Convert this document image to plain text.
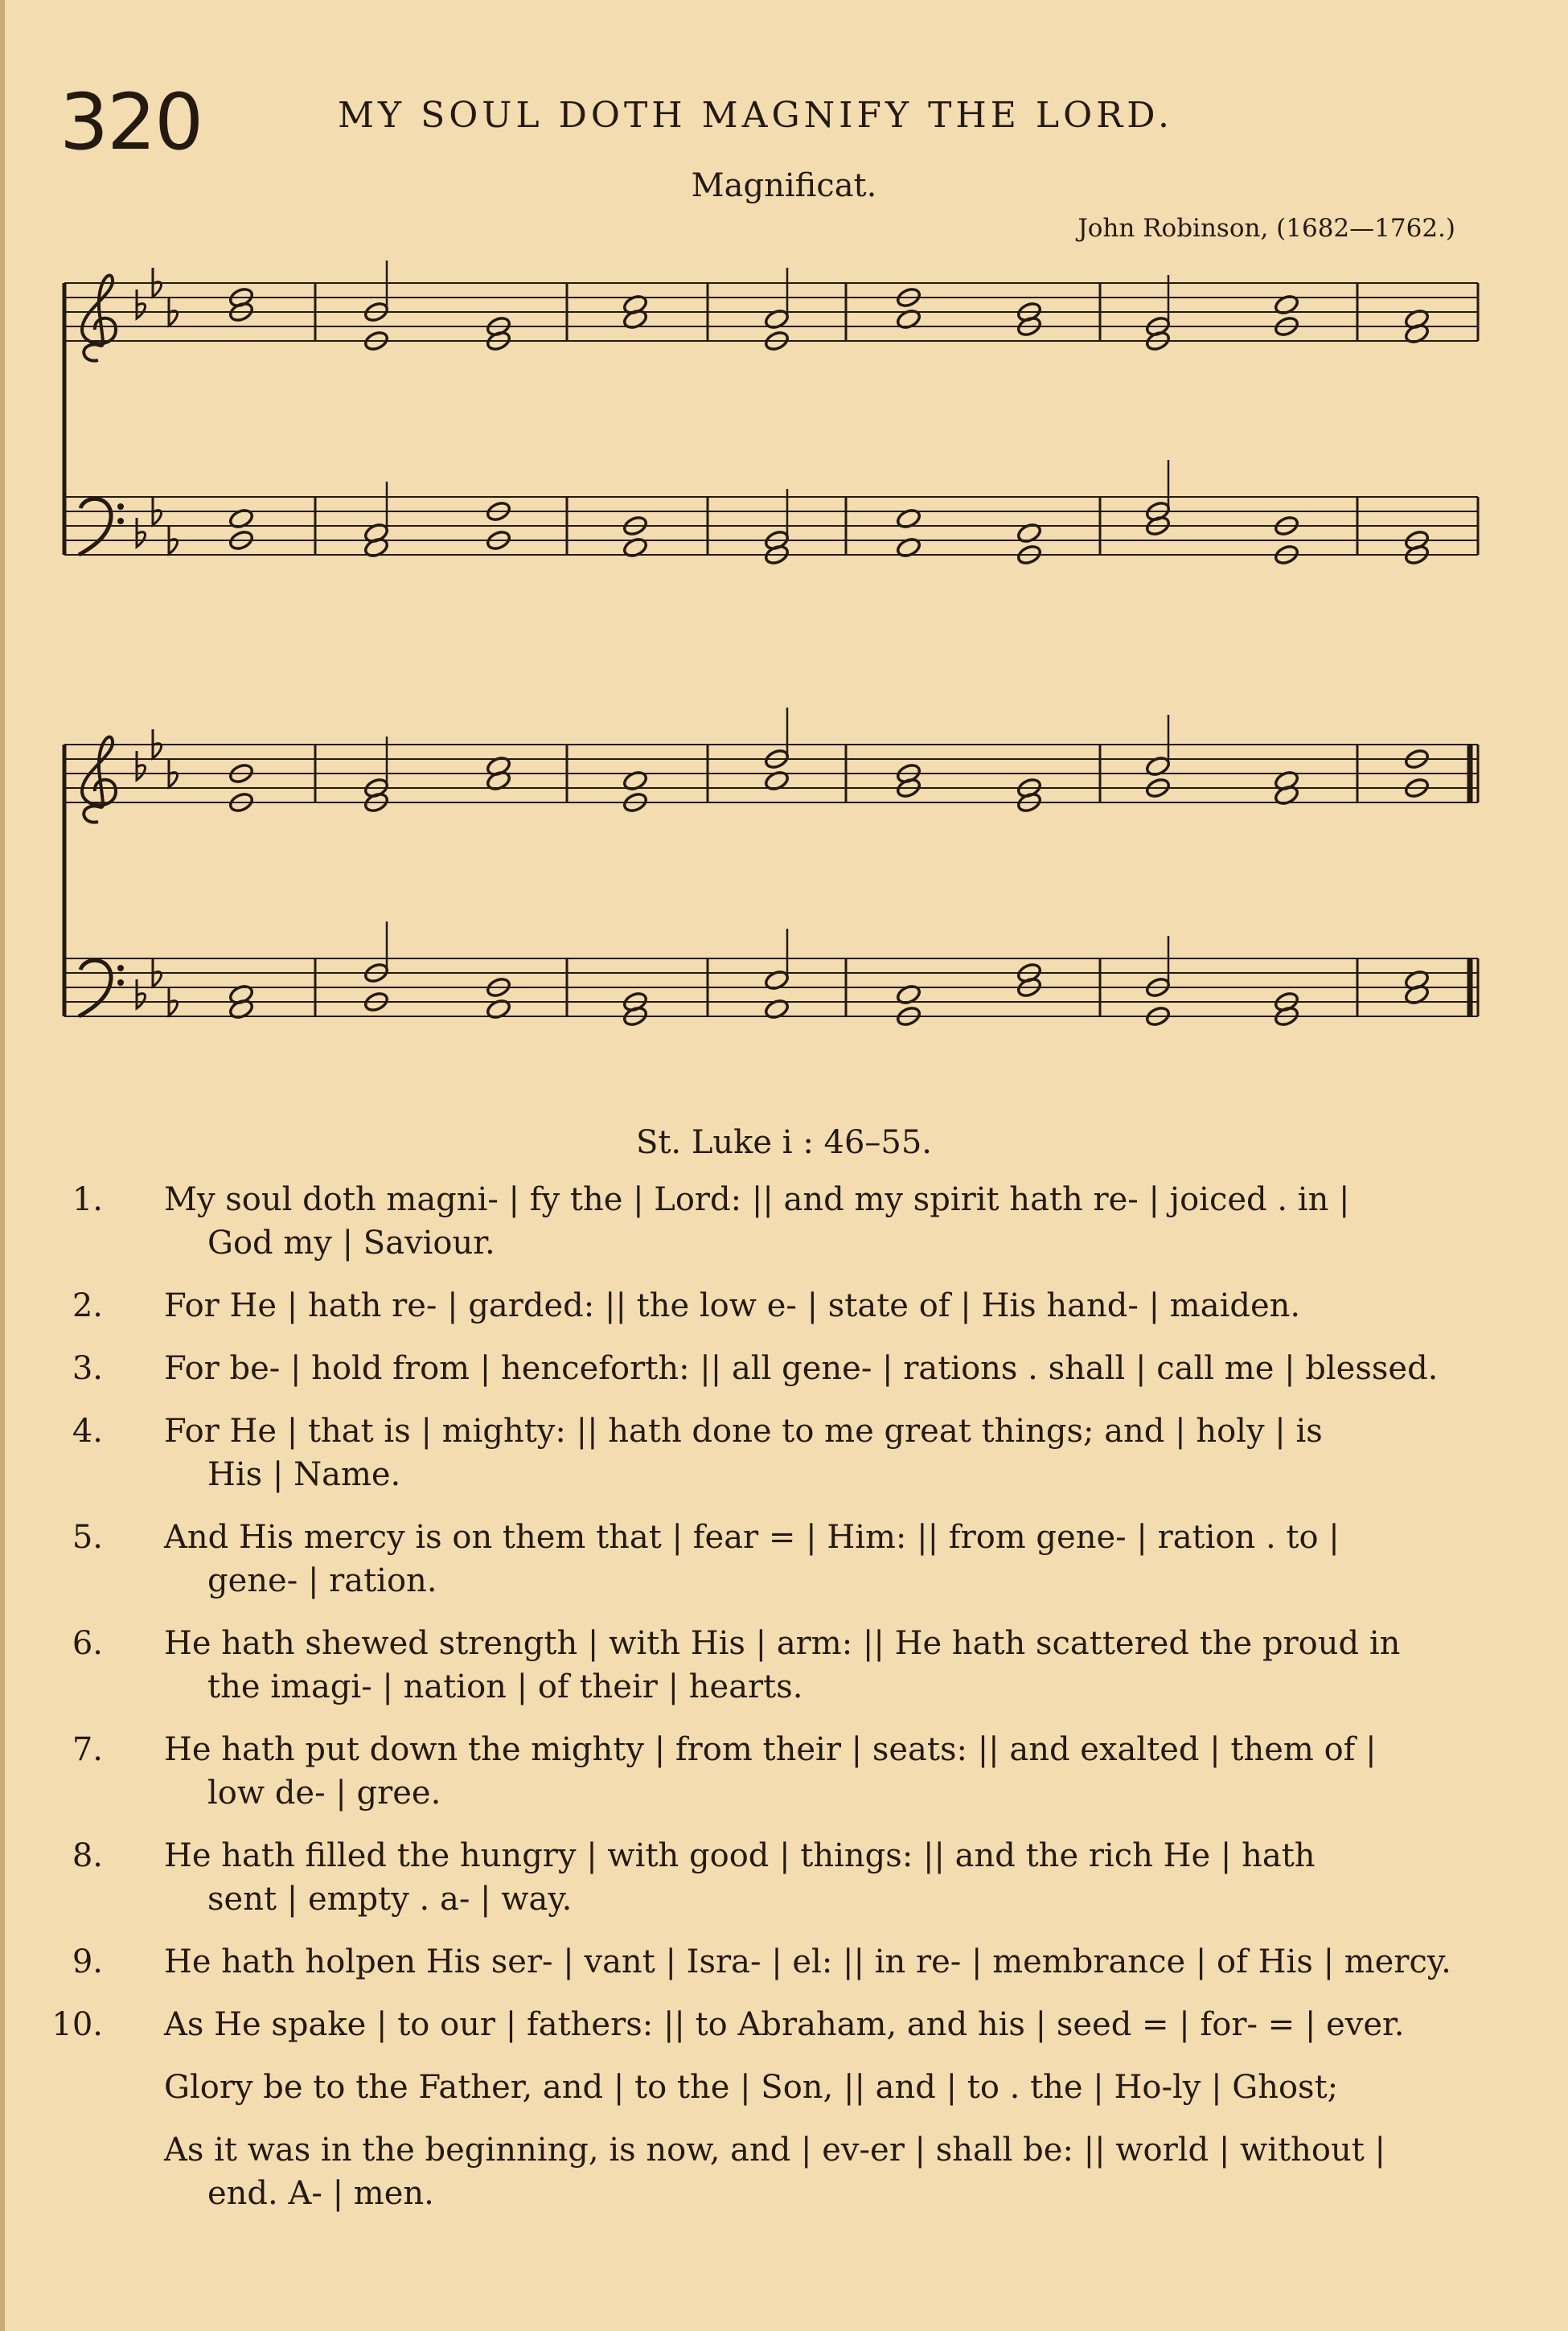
320	MY SOUL DOTH MAGNIFY THE LORD.
Magnificat.
John Robinson, (1682—1762.)
St. Luke i : 46–55.
1. My soul doth magni- | fy the | Lord: || and my spirit hath re- | joiced . in |
God my | Saviour.
2. For He | hath re- | garded: || the low e- | state of | His hand- | maiden.
3. For be- | hold from | henceforth: || all gene- | rations . shall | call me | blessed.
4. For He | that is | mighty: || hath done to me great things; and | holy | is
His | Name.
5. And His mercy is on them that | fear = | Him: || from gene- | ration . to |
gene- | ration.
6. He hath shewed strength | with His | arm: || He hath scattered the proud in
the imagi- | nation | of their | hearts.
7. He hath put down the mighty | from their | seats: || and exalted | them of |
low de- | gree.
8. He hath filled the hungry | with good | things: || and the rich He | hath
sent | empty . a- | way.
9. He hath holpen His ser- | vant | Isra- | el: || in re- | membrance | of His | mercy.
10. As He spake | to our | fathers: || to Abraham, and his | seed = | for- = | ever.
Glory be to the Father, and | to the | Son, || and | to . the | Ho-ly | Ghost;
As it was in the beginning, is now, and | ev-er | shall be: || world | without |
end. A- | men.
